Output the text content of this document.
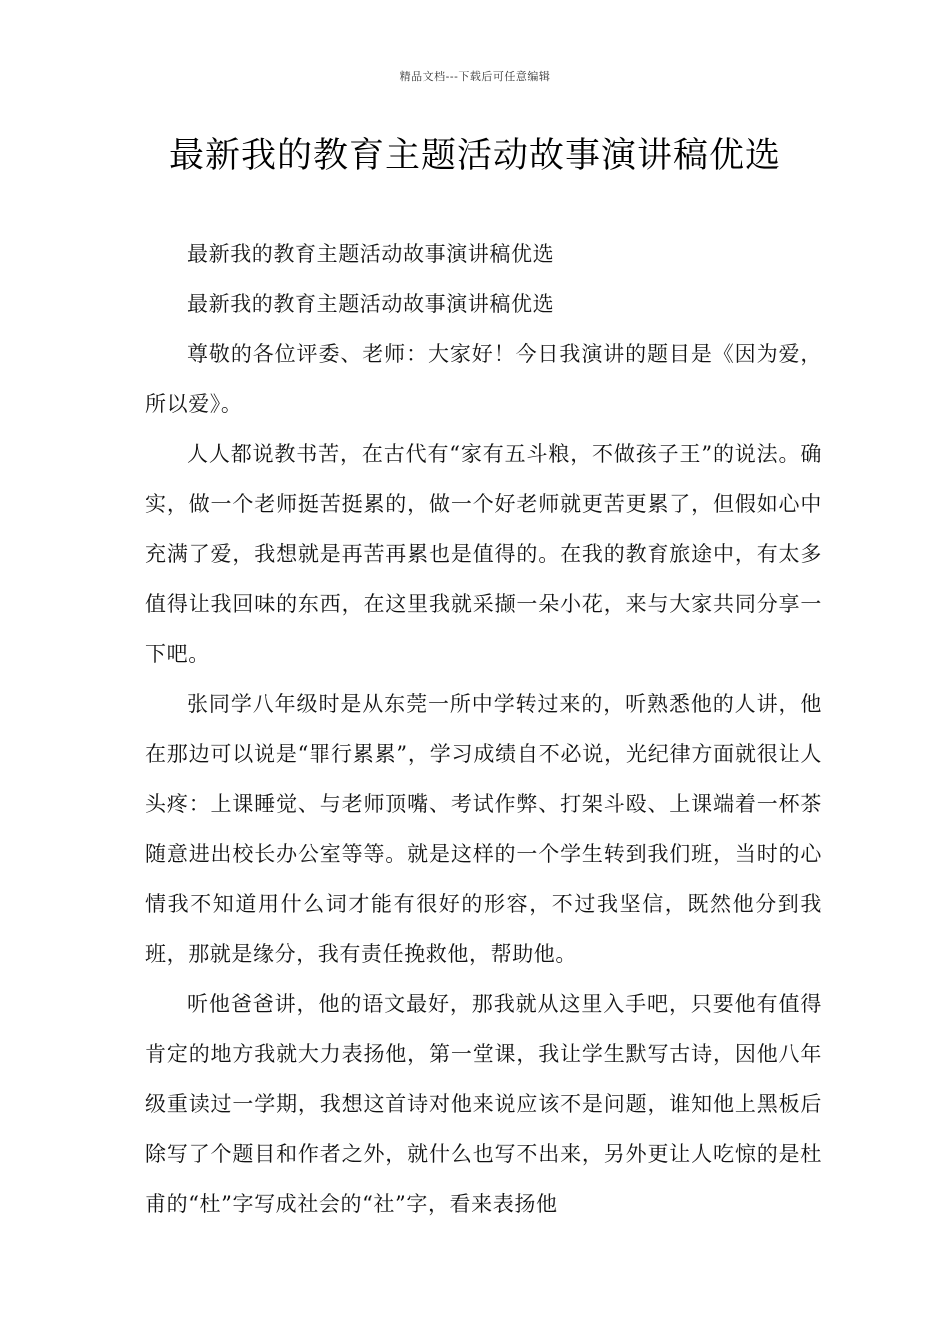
精品文档---下载后可任意编辑
最新我的教育主题活动故事演讲稿优选

最新我的教育主题活动故事演讲稿优选

最新我的教育主题活动故事演讲稿优选

尊敬的各位评委、老师：大家好！今日我演讲的题目是《因为爱，所以爱》。

人人都说教书苦，在古代有“家有五斗粮，不做孩子王”的说法。确实，做一个老师挺苦挺累的，做一个好老师就更苦更累了，但假如心中充满了爱，我想就是再苦再累也是值得的。在我的教育旅途中，有太多值得让我回味的东西，在这里我就采撷一朵小花，来与大家共同分享一下吧。

张同学八年级时是从东莞一所中学转过来的，听熟悉他的人讲，他在那边可以说是“罪行累累”，学习成绩自不必说，光纪律方面就很让人头疼：上课睡觉、与老师顶嘴、考试作弊、打架斗殴、上课端着一杯茶随意进出校长办公室等等。就是这样的一个学生转到我们班，当时的心情我不知道用什么词才能有很好的形容，不过我坚信，既然他分到我班，那就是缘分，我有责任挽救他，帮助他。

听他爸爸讲，他的语文最好，那我就从这里入手吧，只要他有值得肯定的地方我就大力表扬他，第一堂课，我让学生默写古诗，因他八年级重读过一学期，我想这首诗对他来说应该不是问题，谁知他上黑板后除写了个题目和作者之外，就什么也写不出来，另外更让人吃惊的是杜甫的“杜”字写成社会的“社”字，看来表扬他
